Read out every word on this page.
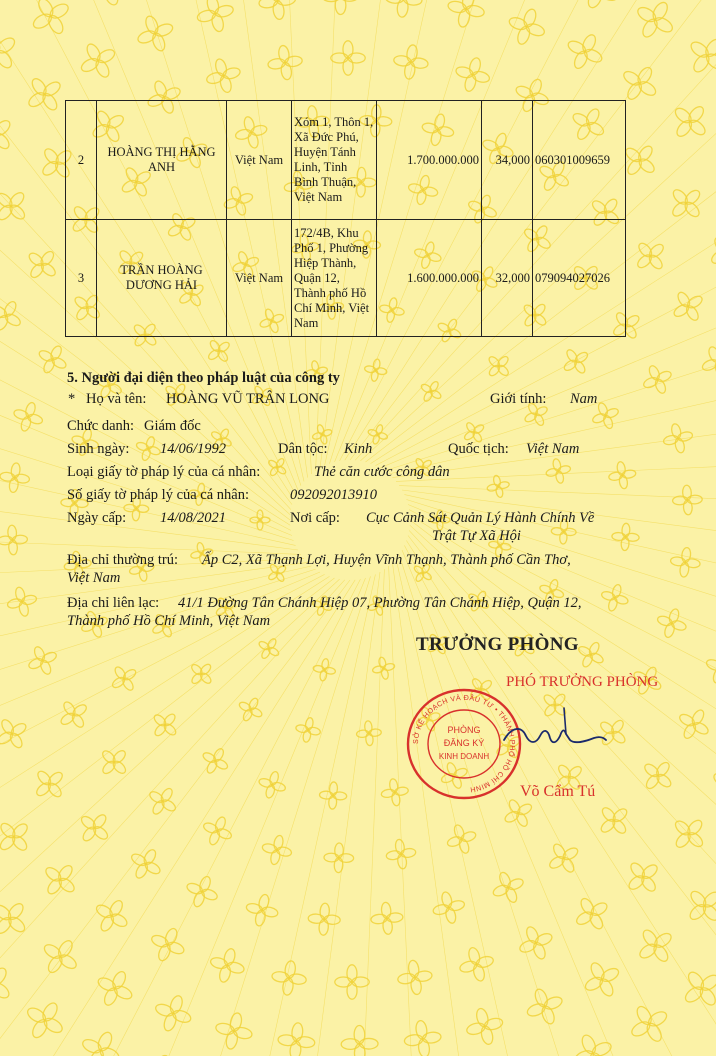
2	HOÀNG THỊ HẰNG ANH	Việt Nam	Xóm 1, Thôn 1, Xã Đức Phú, Huyện Tánh Linh, Tỉnh Bình Thuận, Việt Nam	1.700.000.000	34,000	060301009659
3	TRẦN HOÀNG DƯƠNG HẢI	Việt Nam	172/4B, Khu Phố 1, Phường Hiệp Thành, Quận 12, Thành phố Hồ Chí Minh, Việt Nam	1.600.000.000	32,000	079094027026
5. Người đại diện theo pháp luật của công ty
* Họ và tên: HOÀNG VŨ TRÂN LONG	Giới tính: Nam
Chức danh: Giám đốc
Sinh ngày: 14/06/1992	Dân tộc: Kinh	Quốc tịch: Việt Nam
Loại giấy tờ pháp lý của cá nhân:	Thẻ căn cước công dân
Số giấy tờ pháp lý của cá nhân:	092092013910
Ngày cấp: 14/08/2021	Nơi cấp: Cục Cảnh Sát Quản Lý Hành Chính Về
Trật Tự Xã Hội
Địa chỉ thường trú: Ấp C2, Xã Thạnh Lợi, Huyện Vĩnh Thạnh, Thành phố Cần Thơ,
Việt Nam
Địa chỉ liên lạc: 41/1 Đường Tân Chánh Hiệp 07, Phường Tân Chánh Hiệp, Quận 12,
Thành phố Hồ Chí Minh, Việt Nam
TRƯỞNG PHÒNG
PHÓ TRƯỞNG PHÒNG
SỞ KẾ HOẠCH VÀ ĐẦU TƯ • THÀNH PHỐ HỒ CHÍ MINH
PHÒNG
ĐĂNG KÝ
KINH DOANH
Võ Cẩm Tú
